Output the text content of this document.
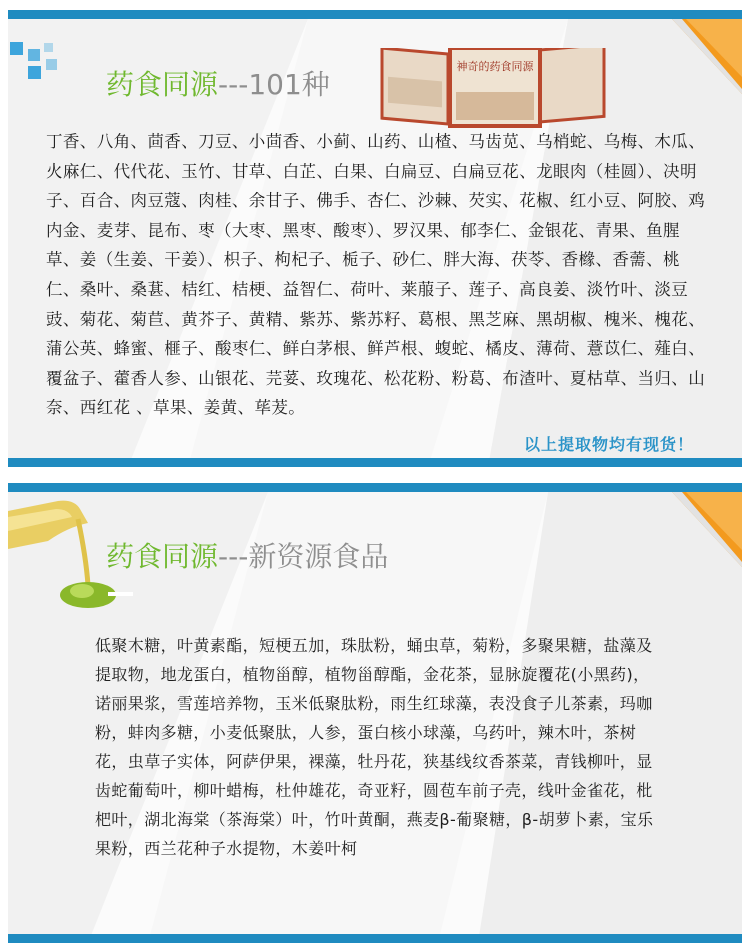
药食同源---101种
神奇的药食同源
丁香、八角、茴香、刀豆、小茴香、小蓟、山药、山楂、马齿苋、乌梢蛇、乌梅、木瓜、火麻仁、代代花、玉竹、甘草、白芷、白果、白扁豆、白扁豆花、龙眼肉（桂圆）、决明子、百合、肉豆蔻、肉桂、余甘子、佛手、杏仁、沙棘、芡实、花椒、红小豆、阿胶、鸡内金、麦芽、昆布、枣（大枣、黑枣、酸枣）、罗汉果、郁李仁、金银花、青果、鱼腥草、姜（生姜、干姜）、枳子、枸杞子、栀子、砂仁、胖大海、茯苓、香橼、香薷、桃仁、桑叶、桑葚、桔红、桔梗、益智仁、荷叶、莱菔子、莲子、高良姜、淡竹叶、淡豆豉、菊花、菊苣、黄芥子、黄精、紫苏、紫苏籽、葛根、黑芝麻、黑胡椒、槐米、槐花、蒲公英、蜂蜜、榧子、酸枣仁、鲜白茅根、鲜芦根、蝮蛇、橘皮、薄荷、薏苡仁、薤白、覆盆子、藿香人参、山银花、芫荽、玫瑰花、松花粉、粉葛、布渣叶、夏枯草、当归、山奈、西红花 、草果、姜黄、荜茇。
以上提取物均有现货！
药食同源---新资源食品
低聚木糖，叶黄素酯，短梗五加，珠肽粉，蛹虫草，菊粉，多聚果糖，盐藻及提取物，地龙蛋白，植物甾醇，植物甾醇酯，金花茶，显脉旋覆花(小黑药)，诺丽果浆，雪莲培养物，玉米低聚肽粉，雨生红球藻，表没食子儿茶素，玛咖粉，蚌肉多糖，小麦低聚肽，人参，蛋白核小球藻，乌药叶，辣木叶，茶树花，虫草子实体，阿萨伊果，裸藻，牡丹花，狭基线纹香茶菜，青钱柳叶，显齿蛇葡萄叶，柳叶蜡梅，杜仲雄花，奇亚籽，圆苞车前子壳，线叶金雀花，枇杷叶，湖北海棠（茶海棠）叶，竹叶黄酮，燕麦β-葡聚糖，β-胡萝卜素，宝乐果粉，西兰花种子水提物，木姜叶柯
